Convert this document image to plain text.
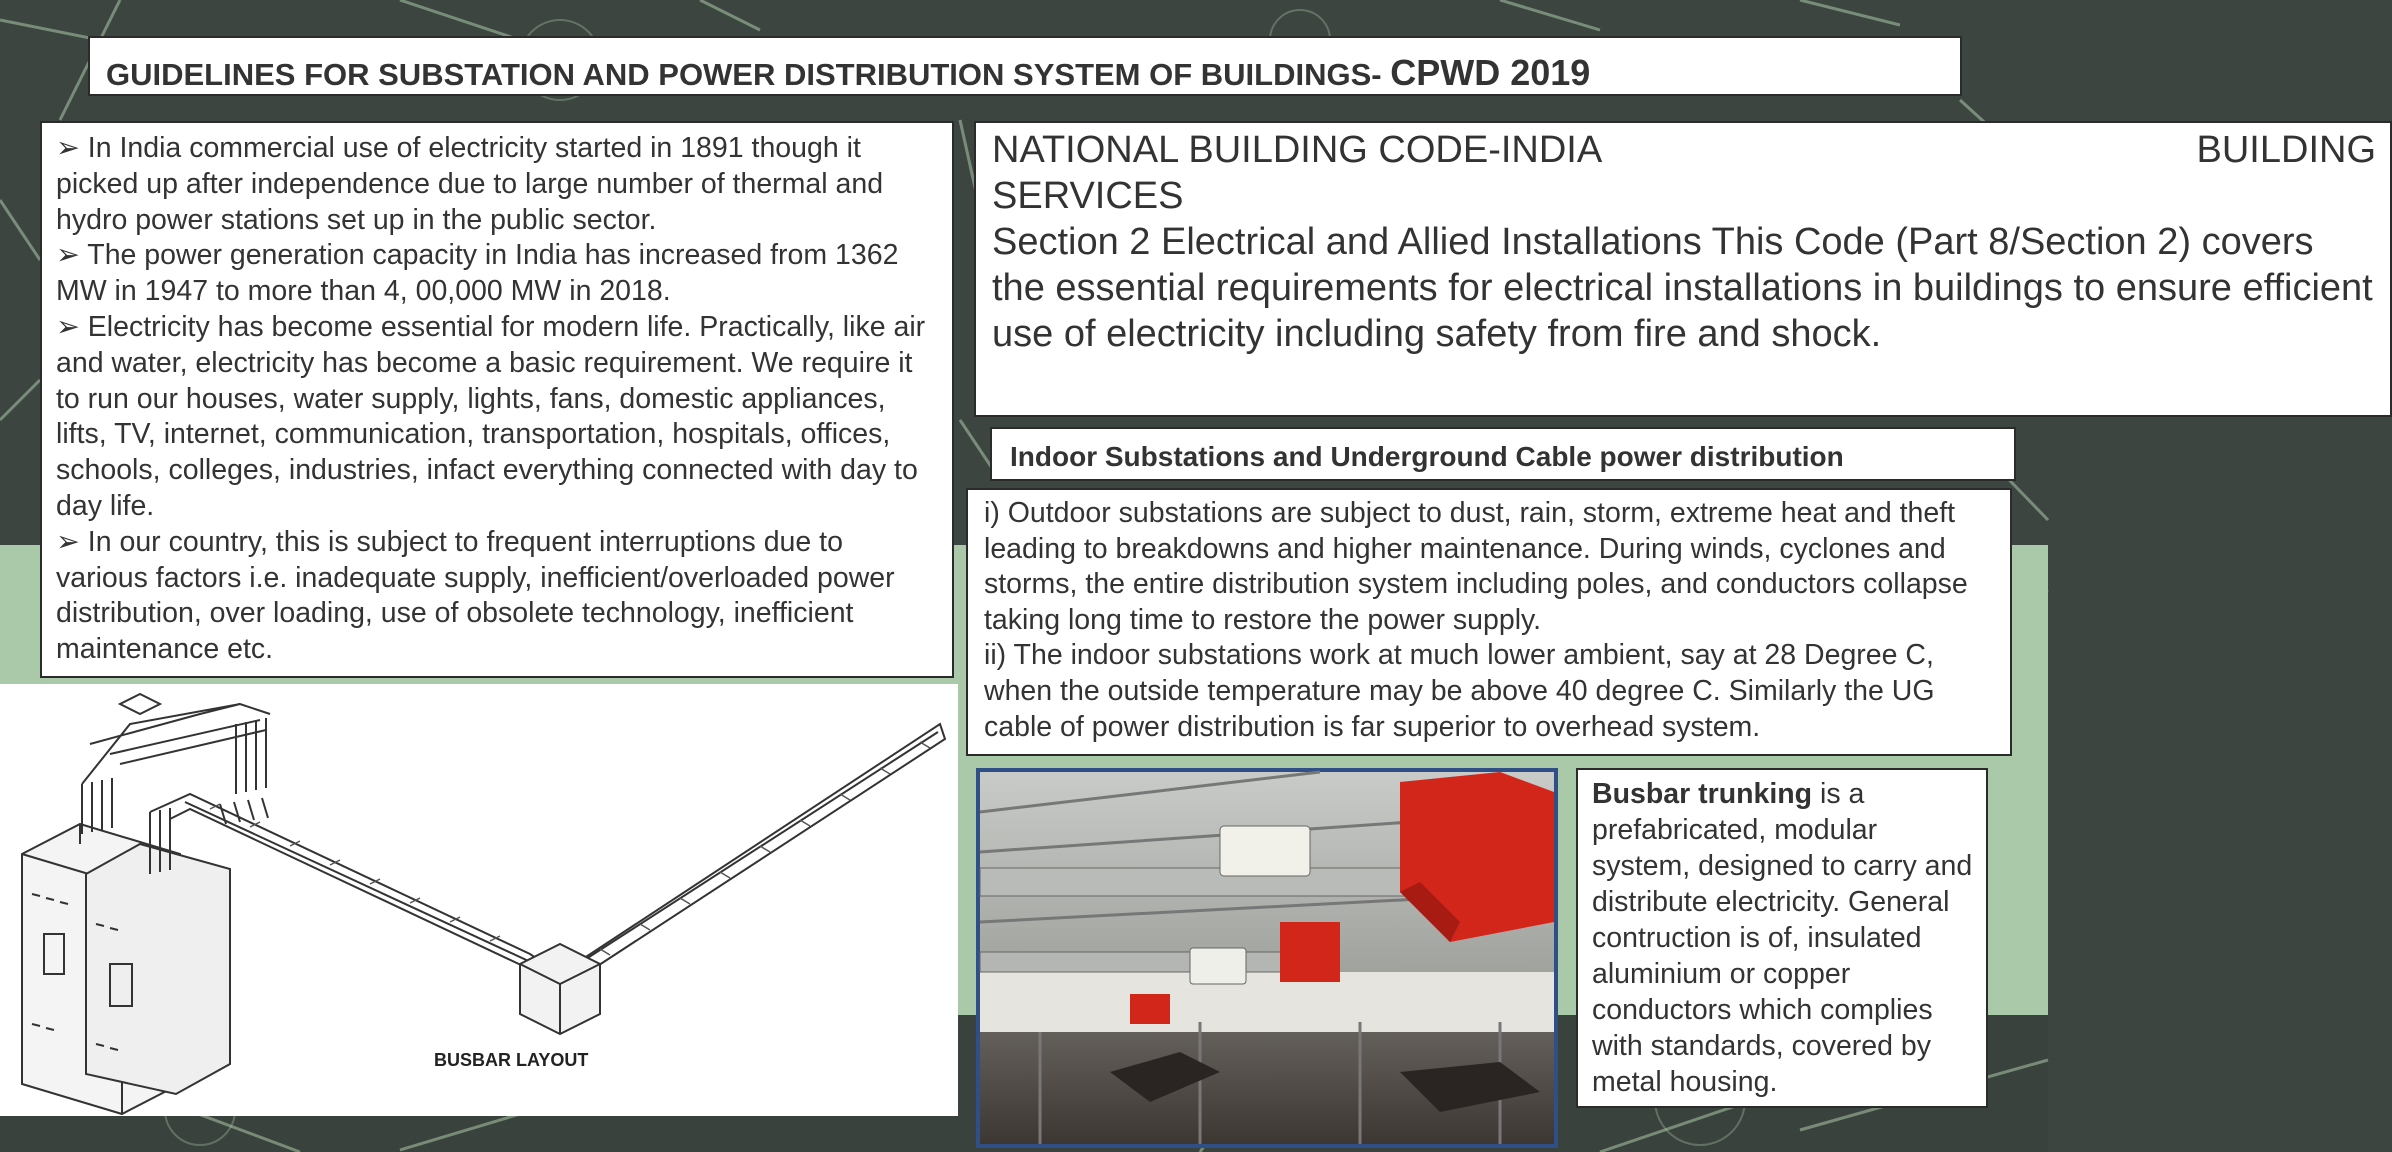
GUIDELINES FOR SUBSTATION AND POWER DISTRIBUTION SYSTEM OF BUILDINGS- CPWD 2019

➢ In India commercial use of electricity started in 1891 though it picked up after independence due to large number of thermal and hydro power stations set up in the public sector.

➢ The power generation capacity in India has increased from 1362 MW in 1947 to more than 4, 00,000 MW in 2018.

➢ Electricity has become essential for modern life. Practically, like air and water, electricity has become a basic requirement. We require it to run our houses, water supply, lights, fans, domestic appliances, lifts, TV, internet, communication, transportation, hospitals, offices, schools, colleges, industries, infact everything connected with day to day life.

➢ In our country, this is subject to frequent interruptions due to various factors i.e. inadequate supply, inefficient/overloaded power distribution, over loading, use of obsolete technology, inefficient maintenance etc.

NATIONAL BUILDING CODE-INDIA	BUILDING

SERVICES

Section 2 Electrical and Allied Installations This Code (Part 8/Section 2) covers the essential requirements for electrical installations in buildings to ensure efficient use of electricity including safety from fire and shock.

Indoor Substations and Underground Cable power distribution

i) Outdoor substations are subject to dust, rain, storm, extreme heat and theft leading to breakdowns and higher maintenance. During winds, cyclones and storms, the entire distribution system including poles, and conductors collapse taking long time to restore the power supply.

ii) The indoor substations work at much lower ambient, say at 28 Degree C, when the outside temperature may be above 40 degree C. Similarly the UG cable of power distribution is far superior to overhead system.

BUSBAR LAYOUT
Busbar trunking is a prefabricated, modular system, designed to carry and distribute electricity. General contruction is of, insulated aluminium or copper conductors which complies with standards, covered by metal housing.
